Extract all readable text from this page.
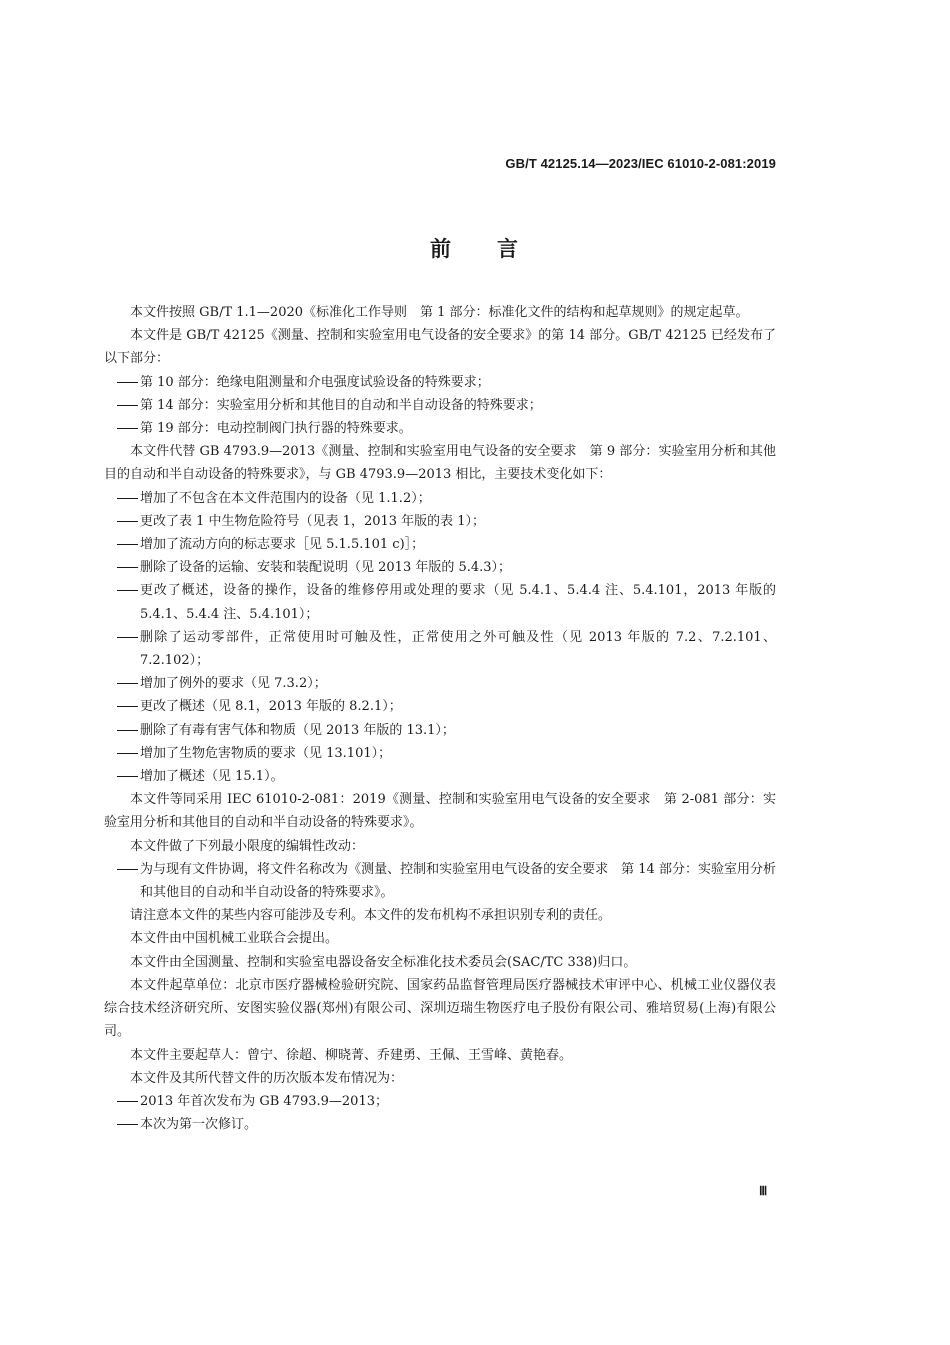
GB/T 42125.14—2023/IEC 61010-2-081:2019
前 言

本文件按照 GB/T 1.1—2020《标准化工作导则　第 1 部分：标准化文件的结构和起草规则》的规定起草。

本文件是 GB/T 42125《测量、控制和实验室用电气设备的安全要求》的第 14 部分。GB/T 42125 已经发布了以下部分：

第 10 部分：绝缘电阻测量和介电强度试验设备的特殊要求；

第 14 部分：实验室用分析和其他目的自动和半自动设备的特殊要求；

第 19 部分：电动控制阀门执行器的特殊要求。

本文件代替 GB 4793.9—2013《测量、控制和实验室用电气设备的安全要求　第 9 部分：实验室用分析和其他目的自动和半自动设备的特殊要求》，与 GB 4793.9—2013 相比，主要技术变化如下：

增加了不包含在本文件范围内的设备（见 1.1.2）；

更改了表 1 中生物危险符号（见表 1，2013 年版的表 1）；

增加了流动方向的标志要求［见 5.1.5.101 c)］；

删除了设备的运输、安装和装配说明（见 2013 年版的 5.4.3）；

更改了概述，设备的操作，设备的维修停用或处理的要求（见 5.4.1、5.4.4 注、5.4.101，2013 年版的 5.4.1、5.4.4 注、5.4.101）；

删除了运动零部件，正常使用时可触及性，正常使用之外可触及性（见 2013 年版的 7.2、7.2.101、7.2.102）；

增加了例外的要求（见 7.3.2）；

更改了概述（见 8.1，2013 年版的 8.2.1）；

删除了有毒有害气体和物质（见 2013 年版的 13.1）；

增加了生物危害物质的要求（见 13.101）；

增加了概述（见 15.1）。

本文件等同采用 IEC 61010-2-081：2019《测量、控制和实验室用电气设备的安全要求　第 2-081 部分：实验室用分析和其他目的自动和半自动设备的特殊要求》。

本文件做了下列最小限度的编辑性改动：

为与现有文件协调，将文件名称改为《测量、控制和实验室用电气设备的安全要求　第 14 部分：实验室用分析和其他目的自动和半自动设备的特殊要求》。

请注意本文件的某些内容可能涉及专利。本文件的发布机构不承担识别专利的责任。

本文件由中国机械工业联合会提出。

本文件由全国测量、控制和实验室电器设备安全标准化技术委员会(SAC/TC 338)归口。

本文件起草单位：北京市医疗器械检验研究院、国家药品监督管理局医疗器械技术审评中心、机械工业仪器仪表综合技术经济研究所、安图实验仪器(郑州)有限公司、深圳迈瑞生物医疗电子股份有限公司、雅培贸易(上海)有限公司。

本文件主要起草人：曾宁、徐超、柳晓菁、乔建勇、王佩、王雪峰、黄艳春。

本文件及其所代替文件的历次版本发布情况为：

2013 年首次发布为 GB 4793.9—2013；

本次为第一次修订。

Ⅲ
